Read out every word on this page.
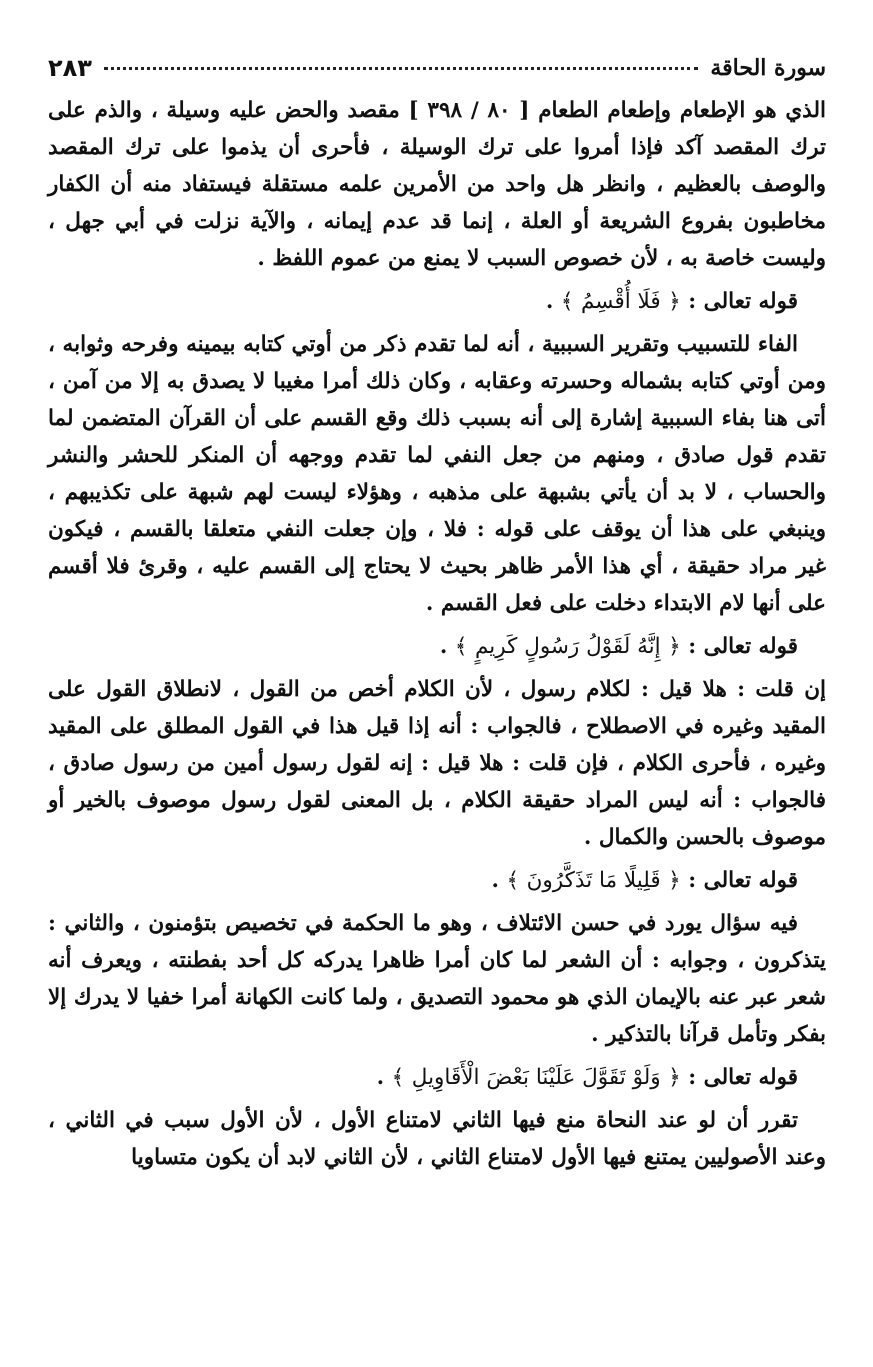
سورة الحاقة
٢٨٣

الذي هو الإطعام وإطعام الطعام [ ٨٠ / ٣٩٨ ] مقصد والحض عليه وسيلة ، والذم على ترك المقصد آكد فإذا أمروا على ترك الوسيلة ، فأحرى أن يذموا على ترك المقصد والوصف بالعظيم ، وانظر هل واحد من الأمرين علمه مستقلة فيستفاد منه أن الكفار مخاطبون بفروع الشريعة أو العلة ، إنما قد عدم إيمانه ، والآية نزلت في أبي جهل ، وليست خاصة به ، لأن خصوص السبب لا يمنع من عموم اللفظ .

قوله تعالى : ﴿ فَلَا أُقْسِمُ ﴾ .

الفاء للتسبيب وتقرير السببية ، أنه لما تقدم ذكر من أوتي كتابه بيمينه وفرحه وثوابه ، ومن أوتي كتابه بشماله وحسرته وعقابه ، وكان ذلك أمرا مغيبا لا يصدق به إلا من آمن ، أتى هنا بفاء السببية إشارة إلى أنه بسبب ذلك وقع القسم على أن القرآن المتضمن لما تقدم قول صادق ، ومنهم من جعل النفي لما تقدم ووجهه أن المنكر للحشر والنشر والحساب ، لا بد أن يأتي بشبهة على مذهبه ، وهؤلاء ليست لهم شبهة على تكذيبهم ، وينبغي على هذا أن يوقف على قوله : فلا ، وإن جعلت النفي متعلقا بالقسم ، فيكون غير مراد حقيقة ، أي هذا الأمر ظاهر بحيث لا يحتاج إلى القسم عليه ، وقرئ فلا أقسم على أنها لام الابتداء دخلت على فعل القسم .

قوله تعالى : ﴿ إِنَّهُ لَقَوْلُ رَسُولٍ كَرِيمٍ ﴾ .

إن قلت : هلا قيل : لكلام رسول ، لأن الكلام أخص من القول ، لانطلاق القول على المقيد وغيره في الاصطلاح ، فالجواب : أنه إذا قيل هذا في القول المطلق على المقيد وغيره ، فأحرى الكلام ، فإن قلت : هلا قيل : إنه لقول رسول أمين من رسول صادق ، فالجواب : أنه ليس المراد حقيقة الكلام ، بل المعنى لقول رسول موصوف بالخير أو موصوف بالحسن والكمال .

قوله تعالى : ﴿ قَلِيلًا مَا تَذَكَّرُونَ ﴾ .

فيه سؤال يورد في حسن الائتلاف ، وهو ما الحكمة في تخصيص بتؤمنون ، والثاني : يتذكرون ، وجوابه : أن الشعر لما كان أمرا ظاهرا يدركه كل أحد بفطنته ، ويعرف أنه شعر عبر عنه بالإيمان الذي هو محمود التصديق ، ولما كانت الكهانة أمرا خفيا لا يدرك إلا بفكر وتأمل قرآنا بالتذكير .

قوله تعالى : ﴿ وَلَوْ تَقَوَّلَ عَلَيْنَا بَعْضَ الْأَقَاوِيلِ ﴾ .

تقرر أن لو عند النحاة منع فيها الثاني لامتناع الأول ، لأن الأول سبب في الثاني ، وعند الأصوليين يمتنع فيها الأول لامتناع الثاني ، لأن الثاني لابد أن يكون متساويا
